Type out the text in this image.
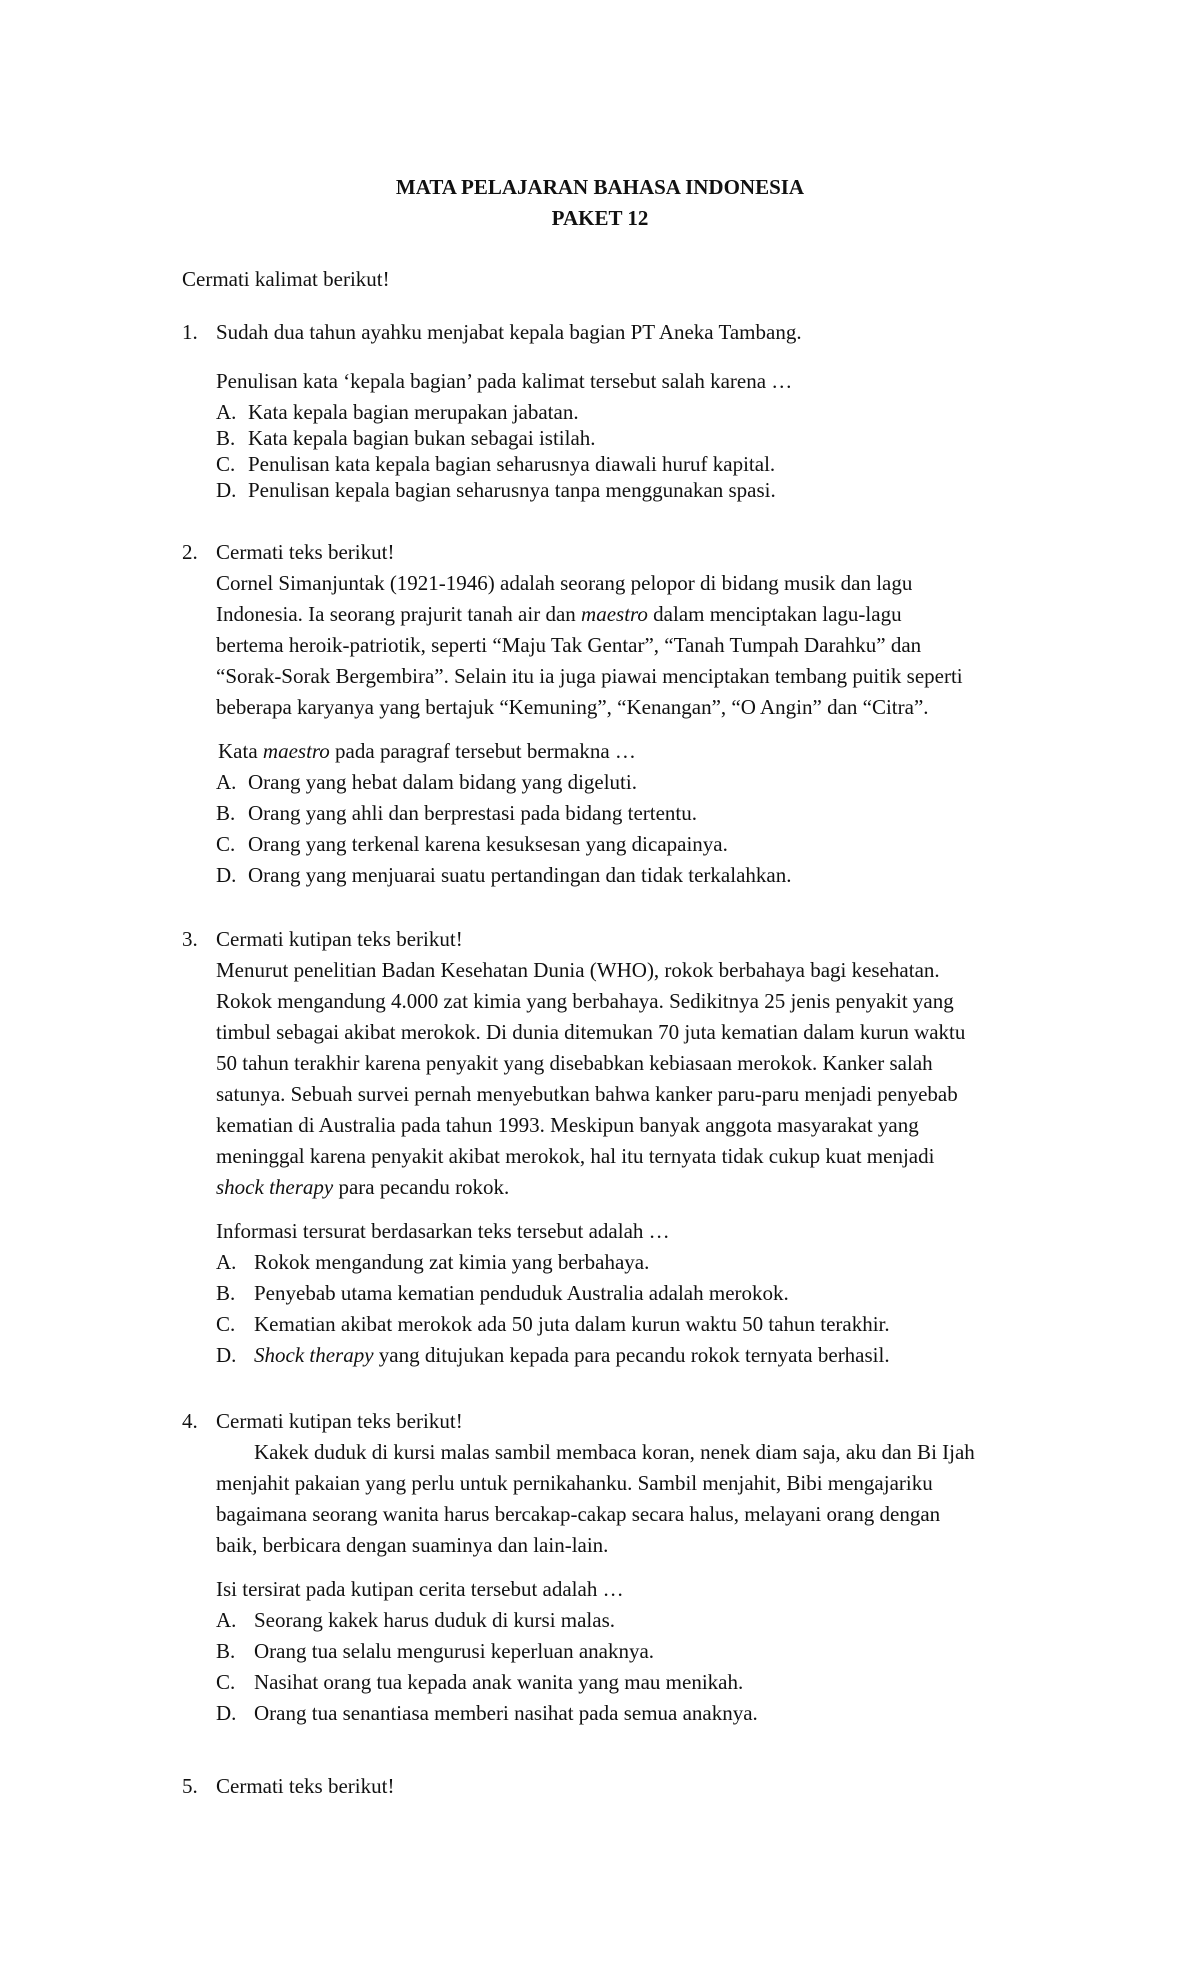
MATA PELAJARAN BAHASA INDONESIA
PAKET 12
Cermati kalimat berikut!
1. Sudah dua tahun ayahku menjabat kepala bagian PT Aneka Tambang.
Penulisan kata ‘kepala bagian’ pada kalimat tersebut salah karena …
A. Kata kepala bagian merupakan jabatan.
B. Kata kepala bagian bukan sebagai istilah.
C. Penulisan kata kepala bagian seharusnya diawali huruf kapital.
D. Penulisan kepala bagian seharusnya tanpa menggunakan spasi.
2. Cermati teks berikut!
Cornel Simanjuntak (1921-1946) adalah seorang pelopor di bidang musik dan lagu
Indonesia. Ia seorang prajurit tanah air dan maestro dalam menciptakan lagu-lagu
bertema heroik-patriotik, seperti “Maju Tak Gentar”, “Tanah Tumpah Darahku” dan
“Sorak-Sorak Bergembira”. Selain itu ia juga piawai menciptakan tembang puitik seperti
beberapa karyanya yang bertajuk “Kemuning”, “Kenangan”, “O Angin” dan “Citra”.
Kata maestro pada paragraf tersebut bermakna …
A. Orang yang hebat dalam bidang yang digeluti.
B. Orang yang ahli dan berprestasi pada bidang tertentu.
C. Orang yang terkenal karena kesuksesan yang dicapainya.
D. Orang yang menjuarai suatu pertandingan dan tidak terkalahkan.
3. Cermati kutipan teks berikut!
Menurut penelitian Badan Kesehatan Dunia (WHO), rokok berbahaya bagi kesehatan.
Rokok mengandung 4.000 zat kimia yang berbahaya. Sedikitnya 25 jenis penyakit yang
timbul sebagai akibat merokok. Di dunia ditemukan 70 juta kematian dalam kurun waktu
50 tahun terakhir karena penyakit yang disebabkan kebiasaan merokok. Kanker salah
satunya. Sebuah survei pernah menyebutkan bahwa kanker paru-paru menjadi penyebab
kematian di Australia pada tahun 1993. Meskipun banyak anggota masyarakat yang
meninggal karena penyakit akibat merokok, hal itu ternyata tidak cukup kuat menjadi
shock therapy para pecandu rokok.
Informasi tersurat berdasarkan teks tersebut adalah …
A. Rokok mengandung zat kimia yang berbahaya.
B. Penyebab utama kematian penduduk Australia adalah merokok.
C. Kematian akibat merokok ada 50 juta dalam kurun waktu 50 tahun terakhir.
D. Shock therapy yang ditujukan kepada para pecandu rokok ternyata berhasil.
4. Cermati kutipan teks berikut!
Kakek duduk di kursi malas sambil membaca koran, nenek diam saja, aku dan Bi Ijah
menjahit pakaian yang perlu untuk pernikahanku. Sambil menjahit, Bibi mengajariku
bagaimana seorang wanita harus bercakap-cakap secara halus, melayani orang dengan
baik, berbicara dengan suaminya dan lain-lain.
Isi tersirat pada kutipan cerita tersebut adalah …
A. Seorang kakek harus duduk di kursi malas.
B. Orang tua selalu mengurusi keperluan anaknya.
C. Nasihat orang tua kepada anak wanita yang mau menikah.
D. Orang tua senantiasa memberi nasihat pada semua anaknya.
5. Cermati teks berikut!
